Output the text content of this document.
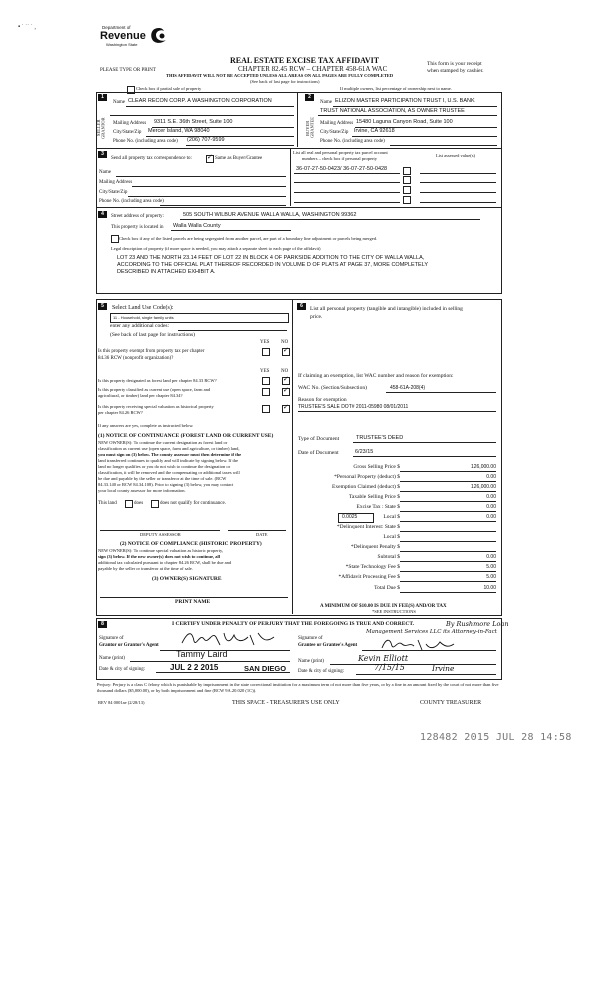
▪ ˙ ˙˙ ˙ ¸	Department of
Revenue
Washington State
PLEASE TYPE OR PRINT
REAL ESTATE EXCISE TAX AFFIDAVIT
CHAPTER 82.45 RCW – CHAPTER 458-61A WAC
THIS AFFIDAVIT WILL NOT BE ACCEPTED UNLESS ALL AREAS ON ALL PAGES ARE FULLY COMPLETED
(See back of last page for instructions)
This form is your receipt
when stamped by cashier.
Check box if partial sale of property	If multiple owners, list percentage of ownership next to name.
1
SELLER GRANTOR
Name CLEAR RECON CORP. A WASHINGTON CORPORATION
Mailing Address 9311 S.E. 36th Street, Suite 100
City/State/Zip Mercer Island, WA 98040
Phone No. (including area code) (206) 707-9599
2
BUYER GRANTEE
Name ELIZON MASTER PARTICIPATION TRUST I, U.S. BANK
TRUST NATIONAL ASSOCIATION, AS OWNER TRUSTEE
Mailing Address 15480 Laguna Canyon Road, Suite 100
City/State/Zip Irvine, CA 92618
Phone No. (including area code)
3
Send all property tax correspondence to:
✓	Same as Buyer/Grantee
Name
Mailing Address
City/State/Zip
Phone No. (including area code)
List all real and personal property tax parcel account
numbers – check box if personal property
List assessed value(s)
36-07-27-50-0423/ 36-07-27-50-0428
4	Street address of property:	505 SOUTH WILBUR AVENUE WALLA WALLA, WASHINGTON 99362
This property is located in Walla Walla County
Check box if any of the listed parcels are being segregated from another parcel, are part of a boundary line adjustment or parcels being merged.
Legal description of property (if more space is needed, you may attach a separate sheet to each page of the affidavit)
LOT 23 AND THE NORTH 23.14 FEET OF LOT 22 IN BLOCK 4 OF PARKSIDE ADDITION TO THE CITY OF WALLA WALLA,
ACCORDING TO THE OFFICIAL PLAT THEREOF RECORDED IN VOLUME D OF PLATS AT PAGE 37, MORE COMPLETELY
DESCRIBED IN ATTACHED EXHIBIT A.
5	Select Land Use Code(s):
11 - Household, single family units
enter any additional codes:
(See back of last page for instructions)
YES NO
Is this property exempt from property tax per chapter
84.36 RCW (nonprofit organization)?
✓
YES NO
Is this property designated as forest land per chapter 84.33 RCW?
✓
Is this property classified as current use (open space, farm and
agricultural, or timber) land per chapter 84.34?
✓
Is this property receiving special valuation as historical property
per chapter 84.26 RCW?
✓
If any answers are yes, complete as instructed below.
(1) NOTICE OF CONTINUANCE (FOREST LAND OR CURRENT USE)
NEW OWNER(S): To continue the current designation as forest land or
classification as current use (open space, farm and agriculture, or timber) land,
you must sign on (3) below. The county assessor must then determine if the
land transferred continues to qualify and will indicate by signing below. If the
land no longer qualifies or you do not wish to continue the designation or
classification, it will be removed and the compensating or additional taxes will
be due and payable by the seller or transferor at the time of sale. (RCW
84.33.140 or RCW 84.34.108). Prior to signing (3) below, you may contact
your local county assessor for more information.
This land	does	does not qualify for continuance.
DEPUTY ASSESSOR	DATE
(2) NOTICE OF COMPLIANCE (HISTORIC PROPERTY)
NEW OWNER(S): To continue special valuation as historic property,
sign (3) below. If the new owner(s) does not wish to continue, all
additional tax calculated pursuant to chapter 84.26 RCW, shall be due and
payable by the seller or transferor at the time of sale.
(3) OWNER(S) SIGNATURE
PRINT NAME
6	List all personal property (tangible and intangible) included in selling
price.
If claiming an exemption, list WAC number and reason for exemption:
WAC No. (Section/Subsection)	458-61A-208(4)
Reason for exemption
TRUSTEE'S SALE DOT# 2011-05980 08/01/2011
Type of Document	TRUSTEE'S DEED
Date of Document	6/23/15
Gross Selling Price $	126,000.00
*Personal Property (deduct) $	0.00
Exemption Claimed (deduct) $	126,000.00
Taxable Selling Price $	0.00
Excise Tax : State $	0.00
0.0025	Local $	0.00
*Delinquent Interest: State $
Local $
*Delinquent Penalty $
Subtotal $	0.00
*State Technology Fee $	5.00
*Affidavit Processing Fee $	5.00
Total Due $	10.00
A MINIMUM OF $10.00 IS DUE IN FEE(S) AND/OR TAX
*SEE INSTRUCTIONS
8	I CERTIFY UNDER PENALTY OF PERJURY THAT THE FOREGOING IS TRUE AND CORRECT.
Signature of
Grantor or Grantor's Agent
Name (print)	Tammy Laird
Date & city of signing:	JUL 2 2 2015	SAN DIEGO
Signature of
Grantee or Grantee's Agent
By Rushmore Loan
Management Services LLC its Attorney-in-Fact
Name (print)	Kevin Elliott
Date & city of signing:	7/15/15	Irvine
Perjury: Perjury is a class C felony which is punishable by imprisonment in the state correctional institution for a maximum term of not more than five years, or by a fine in an amount fixed by the court of not more than five thousand dollars ($5,000.00), or by both imprisonment and fine (RCW 9A.20.020 (1C)).
REV 84 0001ae (2/28/13)	THIS SPACE - TREASURER'S USE ONLY	COUNTY TREASURER
128482 2015 JUL 28 14:58
